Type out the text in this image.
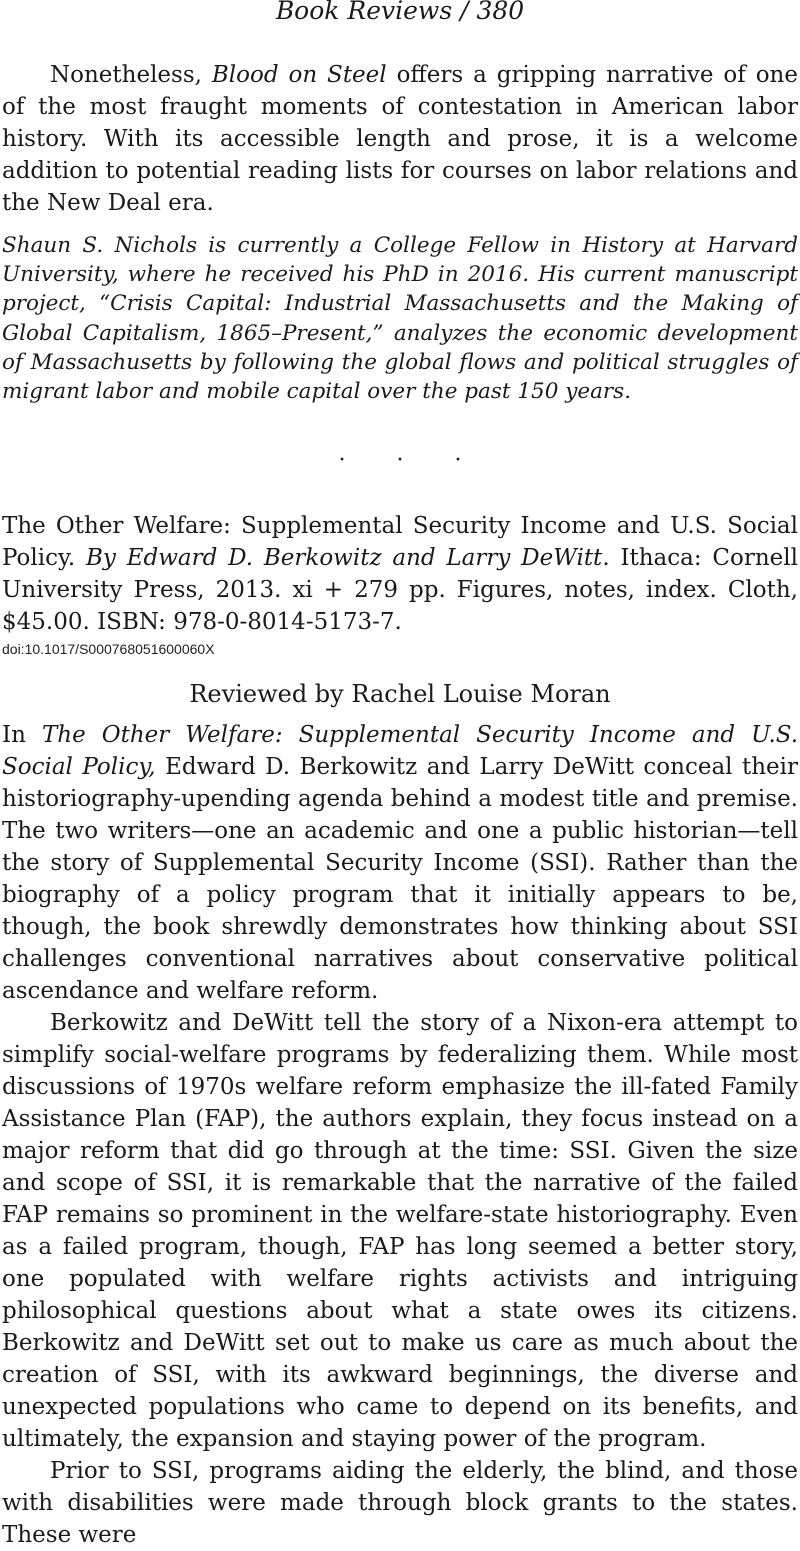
Book Reviews / 380

Nonetheless, Blood on Steel offers a gripping narrative of one of the most fraught moments of contestation in American labor history. With its accessible length and prose, it is a welcome addition to potential reading lists for courses on labor relations and the New Deal era.

Shaun S. Nichols is currently a College Fellow in History at Harvard University, where he received his PhD in 2016. His current manuscript project, “Crisis Capital: Industrial Massachusetts and the Making of Global Capitalism, 1865–Present,” analyzes the economic development of Massachusetts by following the global flows and political struggles of migrant labor and mobile capital over the past 150 years.

· · ·

The Other Welfare: Supplemental Security Income and U.S. Social Policy. By Edward D. Berkowitz and Larry DeWitt. Ithaca: Cornell University Press, 2013. xi + 279 pp. Figures, notes, index. Cloth, $45.00. ISBN: 978-0-8014-5173-7.

doi:10.1017/S000768051600060X
Reviewed by Rachel Louise Moran

In The Other Welfare: Supplemental Security Income and U.S. Social Policy, Edward D. Berkowitz and Larry DeWitt conceal their historiography-upending agenda behind a modest title and premise. The two writers—one an academic and one a public historian—tell the story of Supplemental Security Income (SSI). Rather than the biography of a policy program that it initially appears to be, though, the book shrewdly demonstrates how thinking about SSI challenges conventional narratives about conservative political ascendance and welfare reform.

Berkowitz and DeWitt tell the story of a Nixon-era attempt to simplify social-welfare programs by federalizing them. While most discussions of 1970s welfare reform emphasize the ill-fated Family Assistance Plan (FAP), the authors explain, they focus instead on a major reform that did go through at the time: SSI. Given the size and scope of SSI, it is remarkable that the narrative of the failed FAP remains so prominent in the welfare-state historiography. Even as a failed program, though, FAP has long seemed a better story, one populated with welfare rights activists and intriguing philosophical questions about what a state owes its citizens. Berkowitz and DeWitt set out to make us care as much about the creation of SSI, with its awkward beginnings, the diverse and unexpected populations who came to depend on its benefits, and ultimately, the expansion and staying power of the program.

Prior to SSI, programs aiding the elderly, the blind, and those with disabilities were made through block grants to the states. These were
